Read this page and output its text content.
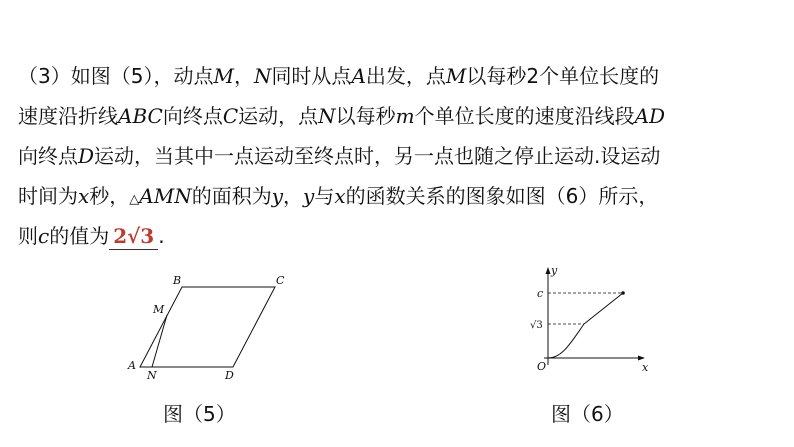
（3）如图（5），动点M，N同时从点A出发，点M以每秒2个单位长度的
速度沿折线ABC向终点C运动，点N以每秒m个单位长度的速度沿线段AD
向终点D运动，当其中一点运动至终点时，另一点也随之停止运动.设运动
时间为x秒，△AMN的面积为y，y与x的函数关系的图象如图（6）所示，
则c的值为 2√3 .
A
B	C
D
M
N
y
x
O
c
√3
图（5）	图（6）
